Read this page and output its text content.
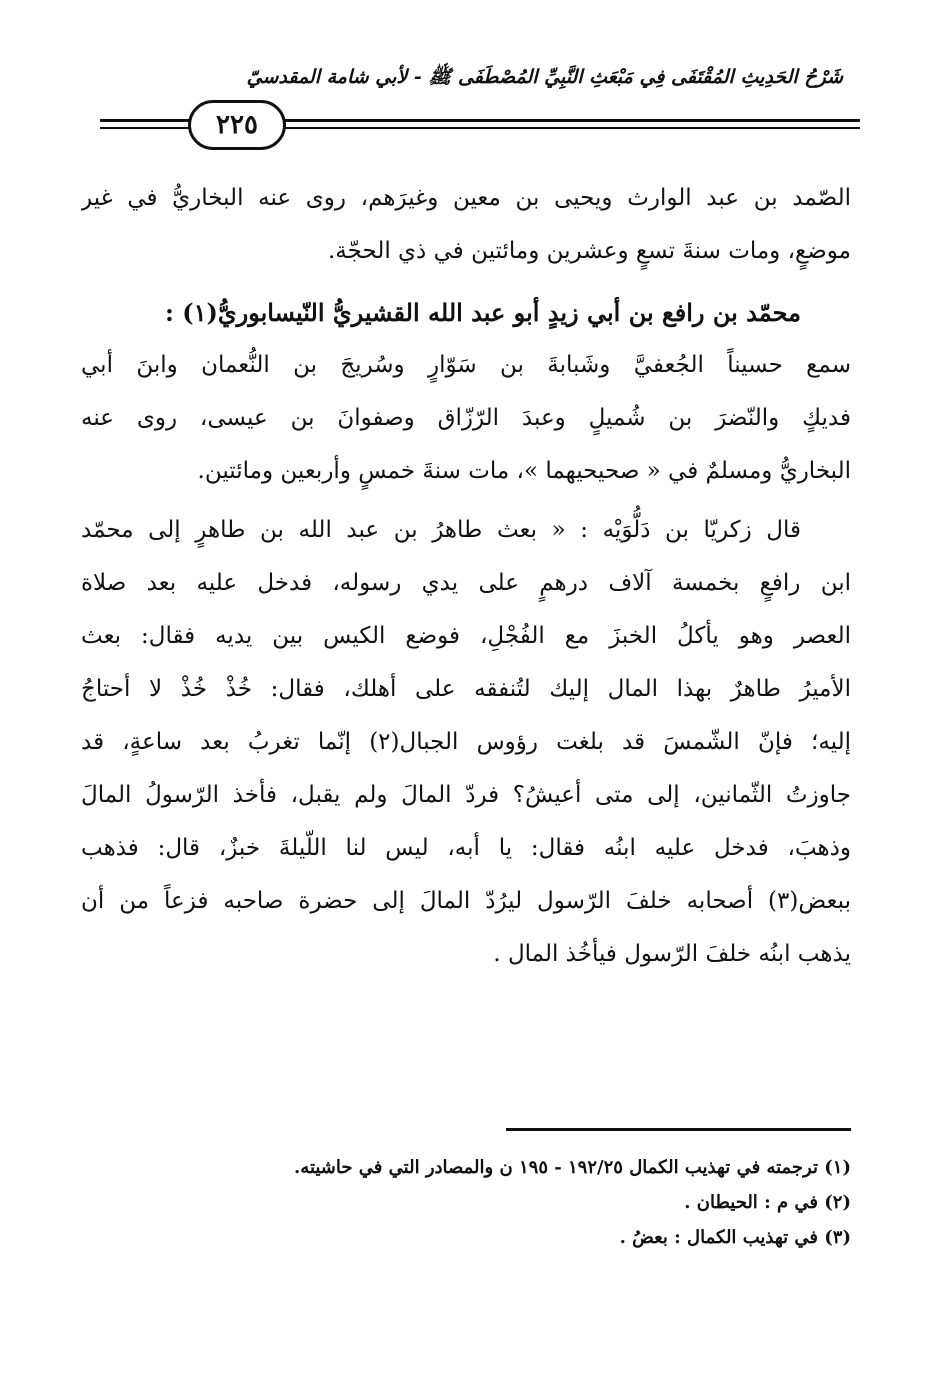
شَرْحُ الحَدِيثِ المُقْتَفَى فِي مَبْعَثِ النَّبِيِّ المُصْطَفَى ﷺ - لأبي شامة المقدسيّ
٢٢٥
الصّمد بن عبد الوارث ويحيى بن معين وغيرَهم، روى عنه البخاريُّ في غير
موضعٍ، ومات سنةَ تسعٍ وعشرين ومائتين في ذي الحجّة.
محمّد بن رافع بن أبي زيدٍ أبو عبد الله القشيريُّ النّيسابوريُّ(١) :
سمع حسيناً الجُعفيَّ وشَبابةَ بن سَوّارٍ وسُريجَ بن النُّعمان وابنَ أبي
فديكٍ والنّضرَ بن شُميلٍ وعبدَ الرّزّاق وصفوانَ بن عيسى، روى عنه
البخاريُّ ومسلمٌ في « صحيحيهما »، مات سنةَ خمسٍ وأربعين ومائتين.
قال زكريّا بن دَلُّوَيْه : « بعث طاهرُ بن عبد الله بن طاهرٍ إلى محمّد
ابن رافعٍ بخمسة آلاف درهمٍ على يدي رسوله، فدخل عليه بعد صلاة
العصر وهو يأكلُ الخبزَ مع الفُجْلِ، فوضع الكيس بين يديه فقال: بعث
الأميرُ طاهرٌ بهذا المال إليك لتُنفقه على أهلك، فقال: خُذْ خُذْ لا أحتاجُ
إليه؛ فإنّ الشّمسَ قد بلغت رؤوس الجبال(٢) إنّما تغربُ بعد ساعةٍ، قد
جاوزتُ الثّمانين، إلى متى أعيشُ؟ فردّ المالَ ولم يقبل، فأخذ الرّسولُ المالَ
وذهبَ، فدخل عليه ابنُه فقال: يا أبه، ليس لنا اللّيلةَ خبزٌ، قال: فذهب
ببعض(٣) أصحابه خلفَ الرّسول ليرُدّ المالَ إلى حضرة صاحبه فزعاً من أن
يذهب ابنُه خلفَ الرّسول فيأخُذ المال .
(١) ترجمته في تهذيب الكمال ١٩٢/٢٥ - ١٩٥ ن والمصادر التي في حاشيته.
(٢) في م : الحيطان .
(٣) في تهذيب الكمال : بعضُ .
